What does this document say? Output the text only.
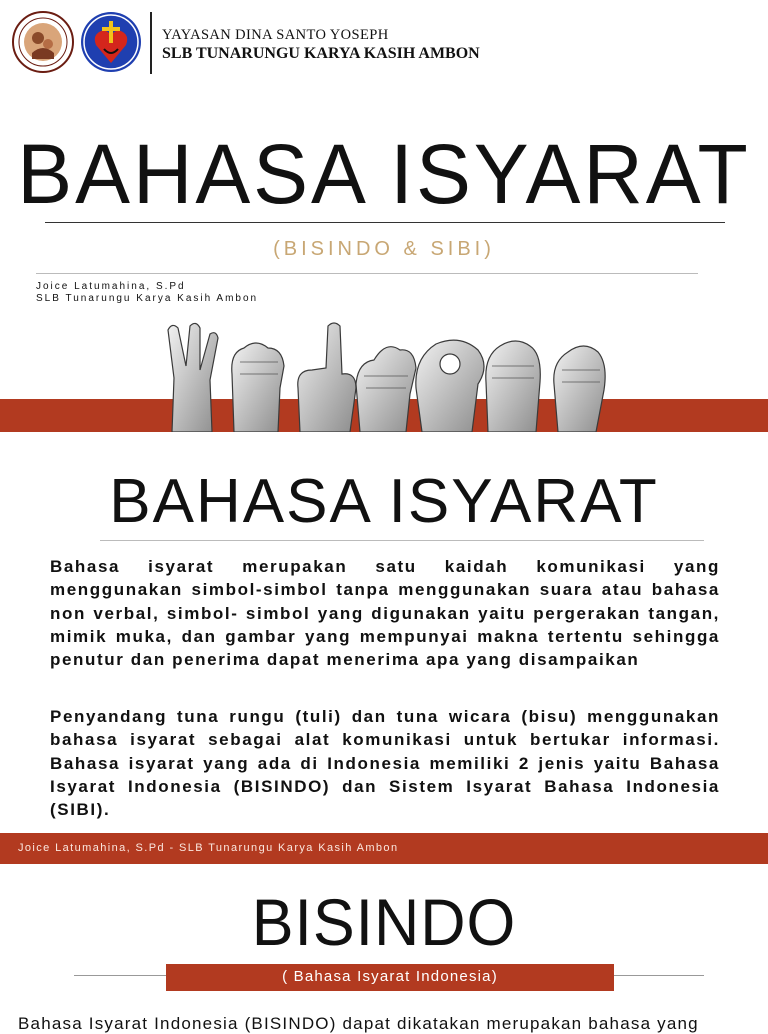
YAYASAN DINA SANTO YOSEPH
SLB TUNARUNGU KARYA KASIH AMBON
BAHASA ISYARAT
(BISINDO & SIBI)
Joice Latumahina, S.Pd
SLB Tunarungu Karya Kasih Ambon
BAHASA ISYARAT

Bahasa isyarat merupakan satu kaidah komunikasi yang menggunakan simbol-simbol tanpa menggunakan suara atau bahasa non verbal, simbol- simbol yang digunakan yaitu pergerakan tangan, mimik muka, dan gambar yang mempunyai makna tertentu sehingga penutur dan penerima dapat menerima apa yang disampaikan

Penyandang tuna rungu (tuli) dan tuna wicara (bisu) menggunakan bahasa isyarat sebagai alat komunikasi untuk bertukar informasi. Bahasa isyarat yang ada di Indonesia memiliki 2 jenis yaitu Bahasa Isyarat Indonesia (BISINDO) dan Sistem Isyarat Bahasa Indonesia (SIBI).

Joice Latumahina, S.Pd - SLB Tunarungu Karya Kasih Ambon
BISINDO
( Bahasa Isyarat Indonesia)
Bahasa Isyarat Indonesia (BISINDO) dapat dikatakan merupakan bahasa yang
